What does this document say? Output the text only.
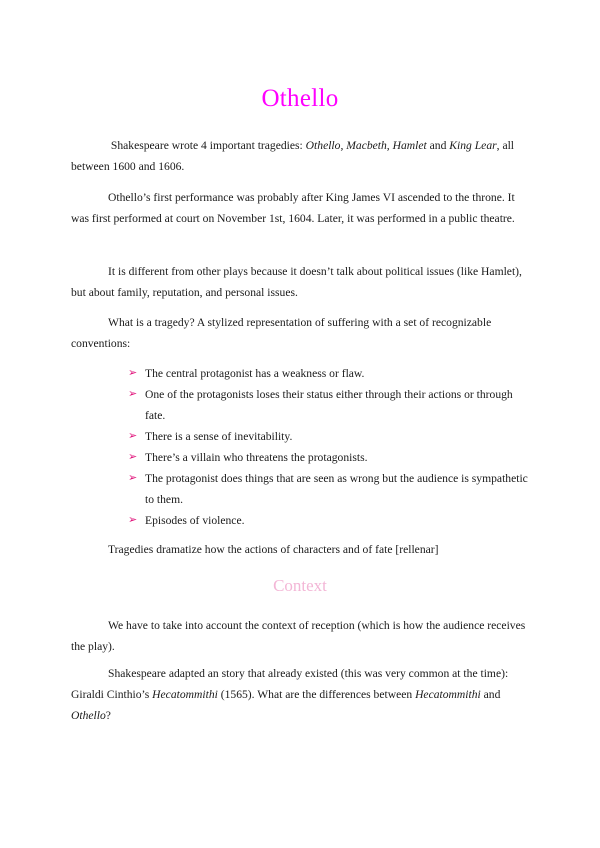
Othello

Shakespeare wrote 4 important tragedies: Othello, Macbeth, Hamlet and King Lear, all between 1600 and 1606.

Othello’s first performance was probably after King James VI ascended to the throne. It was first performed at court on November 1st, 1604. Later, it was performed in a public theatre.

It is different from other plays because it doesn’t talk about political issues (like Hamlet), but about family, reputation, and personal issues.

What is a tragedy? A stylized representation of suffering with a set of recognizable conventions:

➢ The central protagonist has a weakness or flaw.
➢ One of the protagonists loses their status either through their actions or through fate.
➢ There is a sense of inevitability.
➢ There’s a villain who threatens the protagonists.
➢ The protagonist does things that are seen as wrong but the audience is sympathetic to them.
➢ Episodes of violence.

Tragedies dramatize how the actions of characters and of fate [rellenar]

Context

We have to take into account the context of reception (which is how the audience receives the play).

Shakespeare adapted an story that already existed (this was very common at the time): Giraldi Cinthio’s Hecatommithi (1565). What are the differences between Hecatommithi and Othello?
